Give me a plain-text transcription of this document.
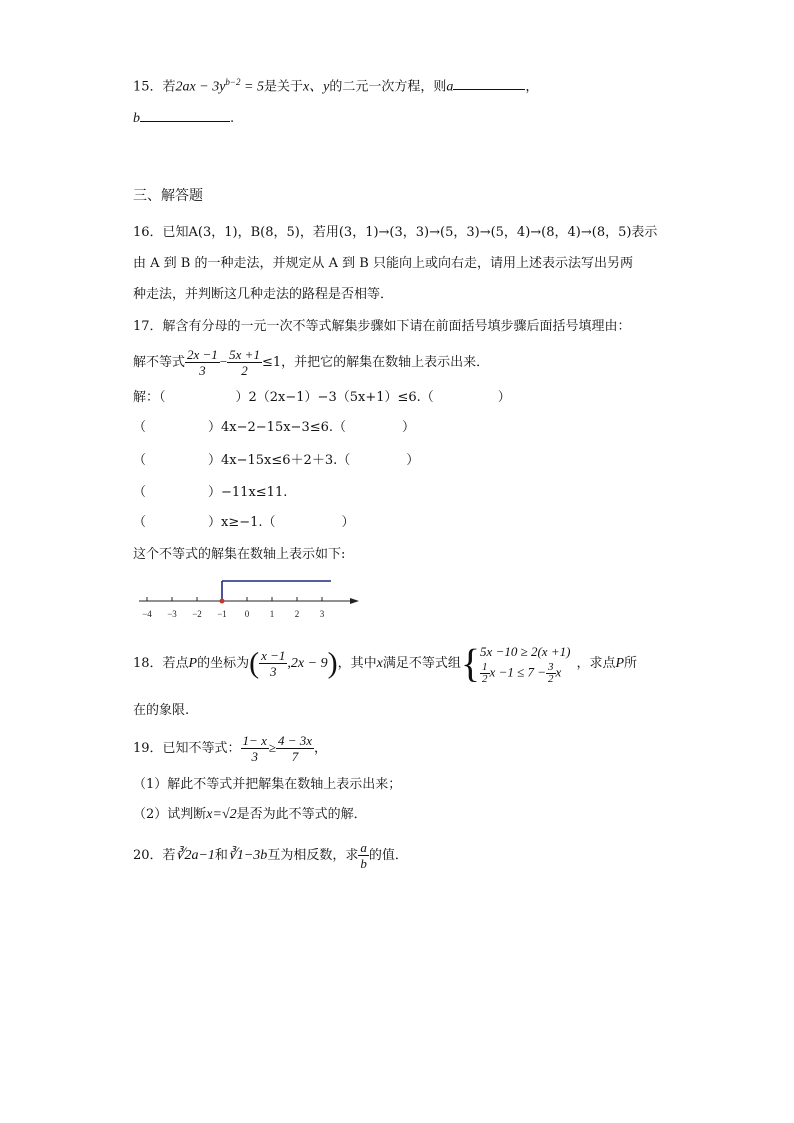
15．若$2ax - 3y^{b-2} = 5$是关于x、y的二元一次方程，则a	，
b	.
三、解答题
16．已知A(3，1)，B(8，5)，若用(3，1)→(3，3)→(5，3)→(5，4)→(8，4)→(8，5)表示
由 A 到 B 的一种走法，并规定从 A 到 B 只能向上或向右走，请用上述表示法写出另两
种走法，并判断这几种走法的路程是否相等．
17．解含有分母的一元一次不等式解集步骤如下请在前面括号填步骤后面括号填理由：
解不等式 $\frac{2x -1}{3} - \frac{5x +1}{2} \le 1$，并把它的解集在数轴上表示出来．
解：（	）2（2x−1）−3（5x+1）≤6.（	）
（	）4x−2−15x−3≤6.（	）
（	）4x−15x≤6＋2＋3.（	）
（	）−11x≤11.
（	）x≥−1.（	）
这个不等式的解集在数轴上表示如下:
−4 −3 −2 −1 0 1 2 3
18．若点P的坐标为( $\frac{x -1}{3} ,2x - 9$)，其中x满足不等式组{ 5x −10 ≥ 2(x +1)
$\frac{1}{2}$ $x -1 \le 7 - \frac{3}{2}$ x
，求点P所
在的象限.
19．已知不等式： $\frac{1- x}{3} \ge \frac{4 - 3x}{7}$ ，
（1）解此不等式并把解集在数轴上表示出来；
（2）试判断x=√2是否为此不等式的解．
20．若∛2a−1和∛1−3b互为相反数，求 $\frac{a}{b}$ 的值．
